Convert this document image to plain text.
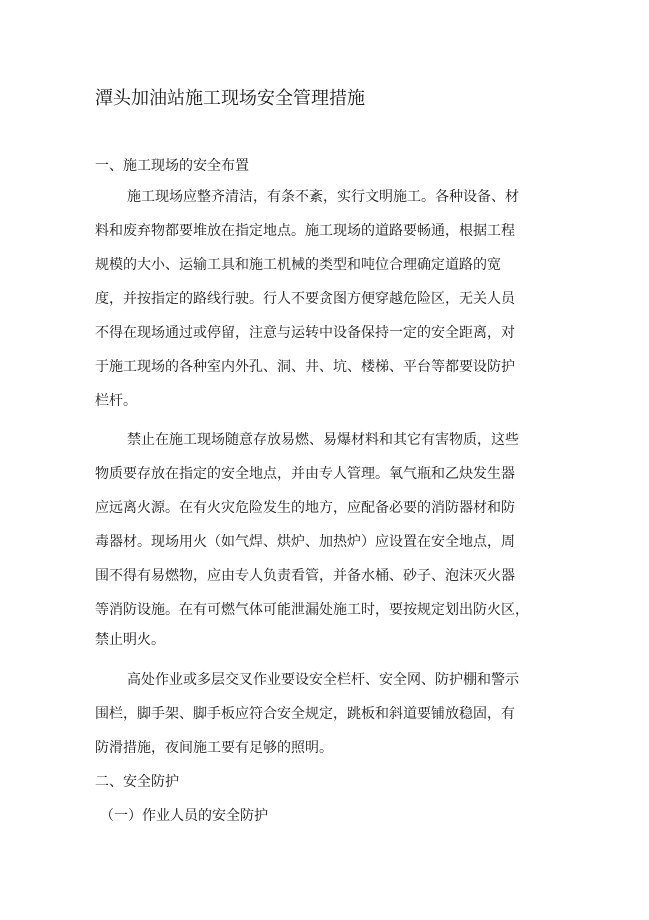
潭头加油站施工现场安全管理措施

一、施工现场的安全布置

施工现场应整齐清洁，有条不紊，实行文明施工。各种设备、材

料和废弃物都要堆放在指定地点。施工现场的道路要畅通，根据工程

规模的大小、运输工具和施工机械的类型和吨位合理确定道路的宽

度，并按指定的路线行驶。行人不要贪图方便穿越危险区，无关人员

不得在现场通过或停留，注意与运转中设备保持一定的安全距离，对

于施工现场的各种室内外孔、洞、井、坑、楼梯、平台等都要设防护

栏杆。

禁止在施工现场随意存放易燃、易爆材料和其它有害物质，这些

物质要存放在指定的安全地点，并由专人管理。氧气瓶和乙炔发生器

应远离火源。在有火灾危险发生的地方，应配备必要的消防器材和防

毒器材。现场用火（如气焊、烘炉、加热炉）应设置在安全地点，周

围不得有易燃物，应由专人负责看管，并备水桶、砂子、泡沫灭火器

等消防设施。在有可燃气体可能泄漏处施工时，要按规定划出防火区，

禁止明火。

高处作业或多层交叉作业要设安全栏杆、安全网、防护棚和警示

围栏，脚手架、脚手板应符合安全规定，跳板和斜道要铺放稳固，有

防滑措施，夜间施工要有足够的照明。

二、安全防护

（一）作业人员的安全防护
